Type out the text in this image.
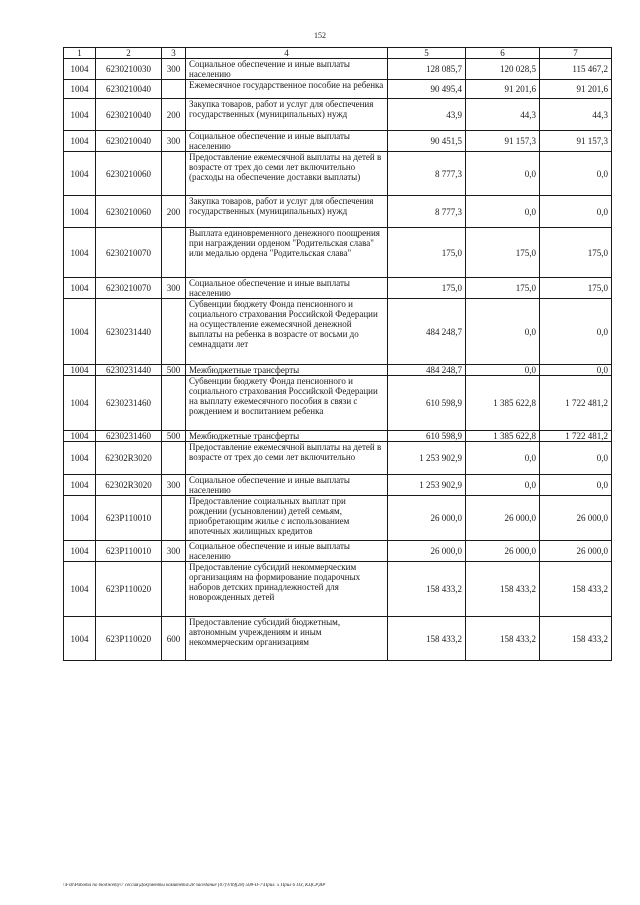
152
1	2	3	4	5	6	7
1004	6230210030	300	Социальное обеспечение и иные выплаты населению	128 085,7	120 028,5	115 467,2
1004	6230210040		Ежемесячное государственное пособие на ребенка	90 495,4	91 201,6	91 201,6
1004	6230210040	200	Закупка товаров, работ и услуг для обеспечения государственных (муниципальных) нужд	43,9	44,3	44,3
1004	6230210040	300	Социальное обеспечение и иные выплаты населению	90 451,5	91 157,3	91 157,3
1004	6230210060		Предоставление ежемесячной выплаты на детей в возрасте от трех до семи лет включительно (расходы на обеспечение доставки выплаты)	8 777,3	0,0	0,0
1004	6230210060	200	Закупка товаров, работ и услуг для обеспечения государственных (муниципальных) нужд	8 777,3	0,0	0,0
1004	6230210070		Выплата единовременного денежного поощрения при награждении орденом "Родительская слава" или медалью ордена "Родительская слава"	175,0	175,0	175,0
1004	6230210070	300	Социальное обеспечение и иные выплаты населению	175,0	175,0	175,0
1004	6230231440		Субвенции бюджету Фонда пенсионного и социального страхования Российской Федерации на осуществление ежемесячной денежной выплаты на ребенка в возрасте от восьми до семнадцати лет	484 248,7	0,0	0,0
1004	6230231440	500	Межбюджетные трансферты	484 248,7	0,0	0,0
1004	6230231460		Субвенции бюджету Фонда пенсионного и социального страхования Российской Федерации на выплату ежемесячного пособия в связи с рождением и воспитанием ребенка	610 598,9	1 385 622,8	1 722 481,2
1004	6230231460	500	Межбюджетные трансферты	610 598,9	1 385 622,8	1 722 481,2
1004	62302R3020		Предоставление ежемесячной выплаты на детей в возрасте от трех до семи лет включительно	1 253 902,9	0,0	0,0
1004	62302R3020	300	Социальное обеспечение и иные выплаты населению	1 253 902,9	0,0	0,0
1004	623P110010		Предоставление социальных выплат при рождении (усыновлении) детей семьям, приобретающим жилье с использованием ипотечных жилищных кредитов	26 000,0	26 000,0	26 000,0
1004	623P110010	300	Социальное обеспечение и иные выплаты населению	26 000,0	26 000,0	26 000,0
1004	623P110020		Предоставление субсидий некоммерческим организациям на формирование подарочных наборов детских принадлежностей для новорожденных детей	158 433,2	158 433,2	158 433,2
1004	623P110020	600	Предоставление субсидий бюджетным, автономным учреждениям и иным некоммерческим организациям	158 433,2	158 433,2	158 433,2
\\Fs0\Работа по бюджету\7 сессия\Документы комитета\28 заседание (07)\Vtbf(28) 508-II-7\Прил. 5 Прил 6 ПЗ, КЦСР,ВР
